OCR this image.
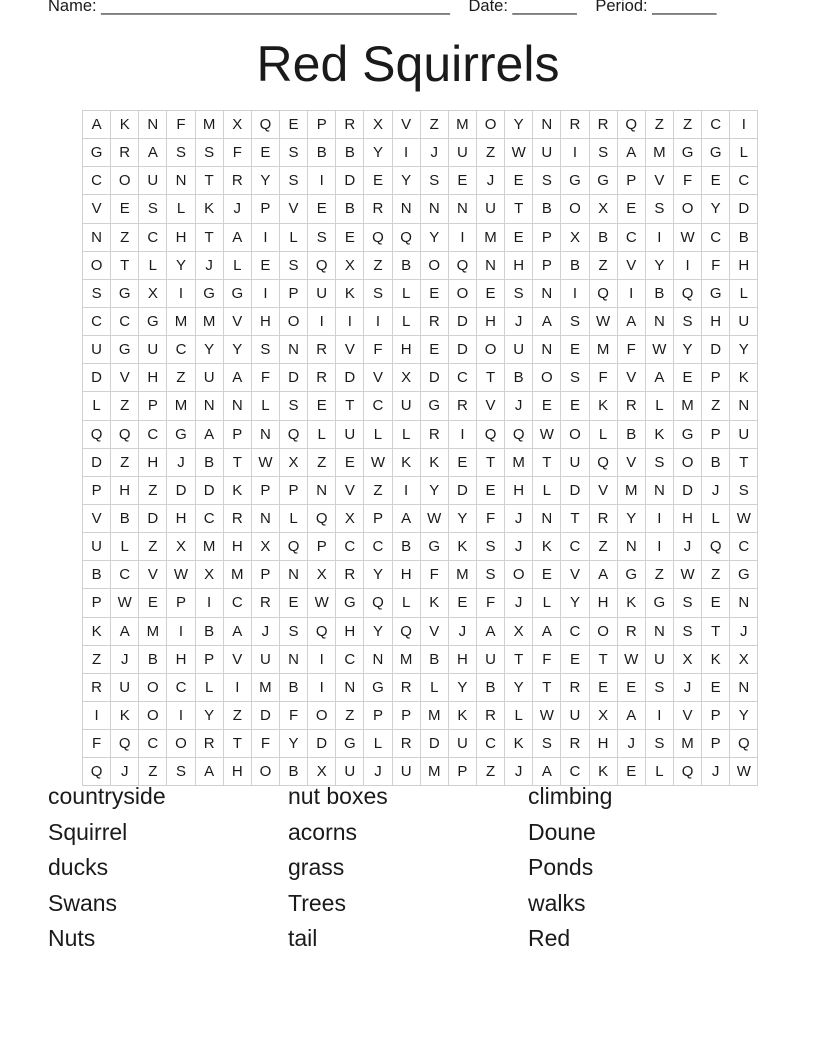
Name: ______________________________________ Date: _______ Period: _______
Red Squirrels
A	K	N	F	M	X	Q	E	P	R	X	V	Z	M	O	Y	N	R	R	Q	Z	Z	C	I
G	R	A	S	S	F	E	S	B	B	Y	I	J	U	Z	W	U	I	S	A	M	G	G	L
C	O	U	N	T	R	Y	S	I	D	E	Y	S	E	J	E	S	G	G	P	V	F	E	C
V	E	S	L	K	J	P	V	E	B	R	N	N	N	U	T	B	O	X	E	S	O	Y	D
N	Z	C	H	T	A	I	L	S	E	Q	Q	Y	I	M	E	P	X	B	C	I	W	C	B
O	T	L	Y	J	L	E	S	Q	X	Z	B	O	Q	N	H	P	B	Z	V	Y	I	F	H
S	G	X	I	G	G	I	P	U	K	S	L	E	O	E	S	N	I	Q	I	B	Q	G	L
C	C	G	M	M	V	H	O	I	I	I	L	R	D	H	J	A	S	W	A	N	S	H	U
U	G	U	C	Y	Y	S	N	R	V	F	H	E	D	O	U	N	E	M	F	W	Y	D	Y
D	V	H	Z	U	A	F	D	R	D	V	X	D	C	T	B	O	S	F	V	A	E	P	K
L	Z	P	M	N	N	L	S	E	T	C	U	G	R	V	J	E	E	K	R	L	M	Z	N
Q	Q	C	G	A	P	N	Q	L	U	L	L	R	I	Q	Q	W	O	L	B	K	G	P	U
D	Z	H	J	B	T	W	X	Z	E	W	K	K	E	T	M	T	U	Q	V	S	O	B	T
P	H	Z	D	D	K	P	P	N	V	Z	I	Y	D	E	H	L	D	V	M	N	D	J	S
V	B	D	H	C	R	N	L	Q	X	P	A	W	Y	F	J	N	T	R	Y	I	H	L	W
U	L	Z	X	M	H	X	Q	P	C	C	B	G	K	S	J	K	C	Z	N	I	J	Q	C
B	C	V	W	X	M	P	N	X	R	Y	H	F	M	S	O	E	V	A	G	Z	W	Z	G
P	W	E	P	I	C	R	E	W	G	Q	L	K	E	F	J	L	Y	H	K	G	S	E	N
K	A	M	I	B	A	J	S	Q	H	Y	Q	V	J	A	X	A	C	O	R	N	S	T	J
Z	J	B	H	P	V	U	N	I	C	N	M	B	H	U	T	F	E	T	W	U	X	K	X
R	U	O	C	L	I	M	B	I	N	G	R	L	Y	B	Y	T	R	E	E	S	J	E	N
I	K	O	I	Y	Z	D	F	O	Z	P	P	M	K	R	L	W	U	X	A	I	V	P	Y
F	Q	C	O	R	T	F	Y	D	G	L	R	D	U	C	K	S	R	H	J	S	M	P	Q
Q	J	Z	S	A	H	O	B	X	U	J	U	M	P	Z	J	A	C	K	E	L	Q	J	W
countryside	nut boxes	climbing
Squirrel	acorns	Doune
ducks	grass	Ponds
Swans	Trees	walks
Nuts	tail	Red
